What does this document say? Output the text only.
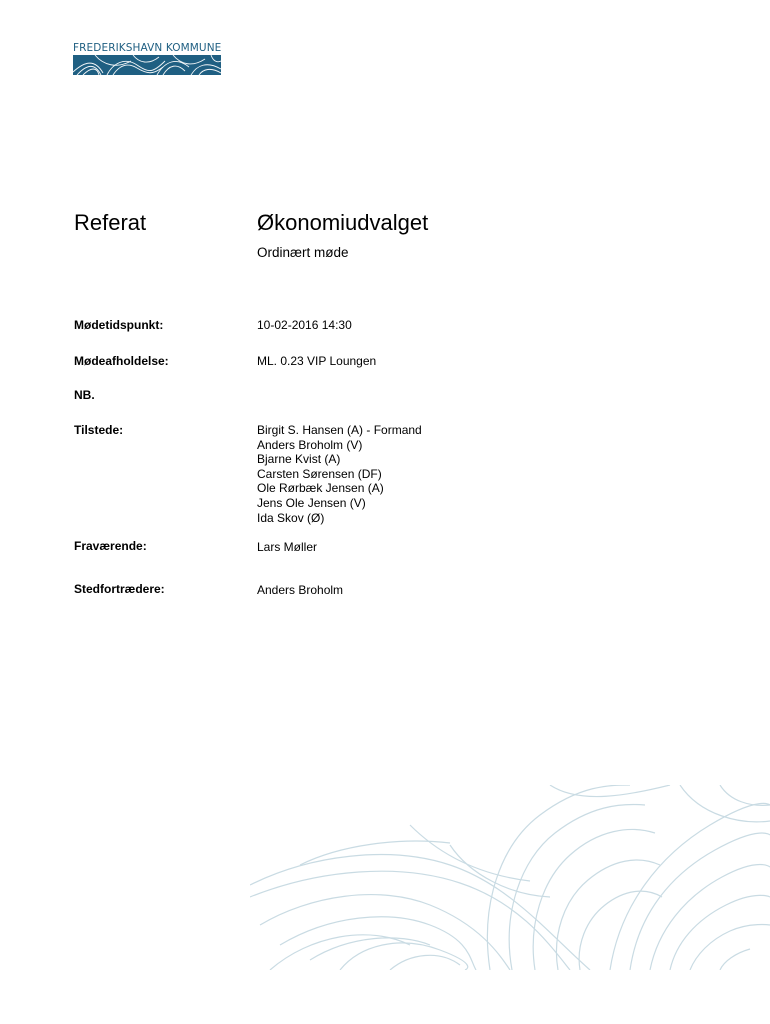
FREDERIKSHAVN KOMMUNE
Referat	Økonomiudvalget
Ordinært møde
Mødetidspunkt:	10-02-2016 14:30
Mødeafholdelse:	ML. 0.23 VIP Loungen
NB.
Tilstede:	Birgit S. Hansen (A) - Formand
Anders Broholm (V)
Bjarne Kvist (A)
Carsten Sørensen (DF)
Ole Rørbæk Jensen (A)
Jens Ole Jensen (V)
Ida Skov (Ø)
Fraværende:	Lars Møller
Stedfortrædere:	Anders Broholm
